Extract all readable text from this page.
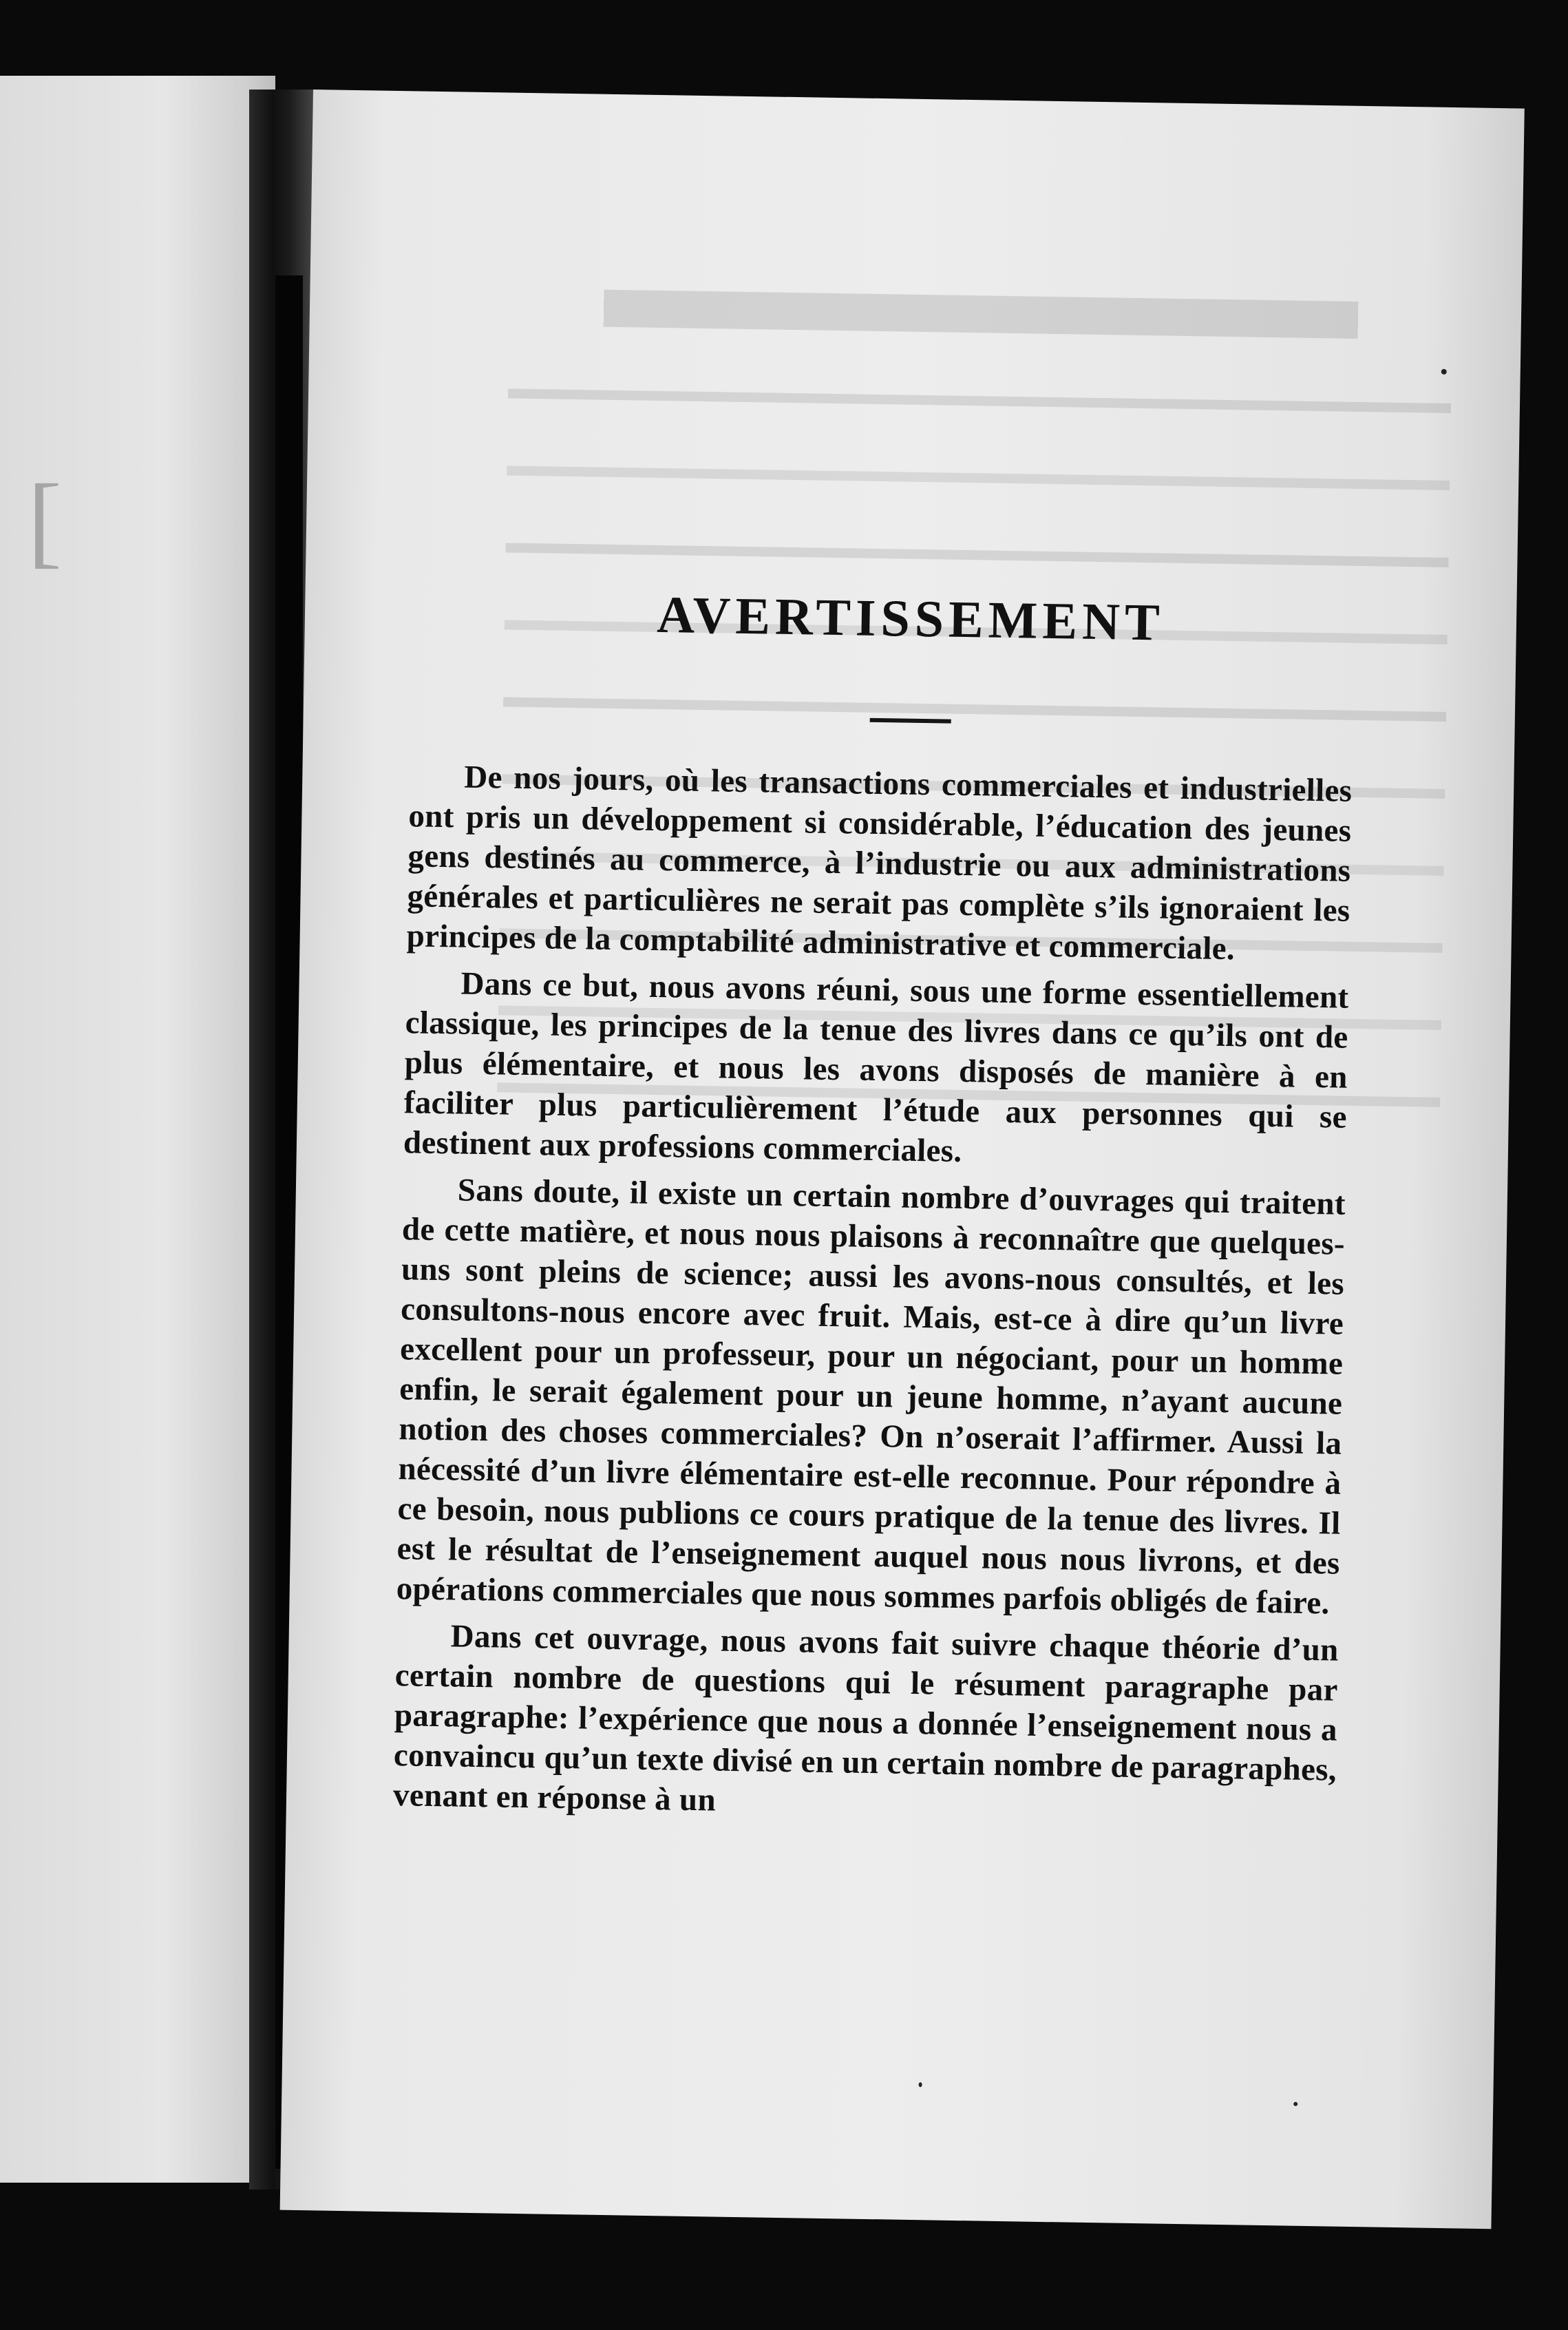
[

AVERTISSEMENT

De nos jours, où les transactions commerciales et industrielles ont pris un développement si considérable, l’éducation des jeunes gens destinés au commerce, à l’industrie ou aux administrations générales et particulières ne serait pas complète s’ils ignoraient les principes de la comptabilité administrative et commerciale.

Dans ce but, nous avons réuni, sous une forme essentiellement classique, les principes de la tenue des livres dans ce qu’ils ont de plus élémentaire, et nous les avons disposés de manière à en faciliter plus particulièrement l’étude aux personnes qui se destinent aux professions commerciales.

Sans doute, il existe un certain nombre d’ouvrages qui traitent de cette matière, et nous nous plaisons à reconnaître que quelques-uns sont pleins de science; aussi les avons-nous consultés, et les consultons-nous encore avec fruit. Mais, est-ce à dire qu’un livre excellent pour un professeur, pour un négociant, pour un homme enfin, le serait également pour un jeune homme, n’ayant aucune notion des choses commerciales? On n’oserait l’affirmer. Aussi la nécessité d’un livre élémentaire est-elle reconnue. Pour répondre à ce besoin, nous publions ce cours pratique de la tenue des livres. Il est le résultat de l’enseignement auquel nous nous livrons, et des opérations commerciales que nous sommes parfois obligés de faire.

Dans cet ouvrage, nous avons fait suivre chaque théorie d’un certain nombre de questions qui le résument paragraphe par paragraphe: l’expérience que nous a donnée l’enseignement nous a convaincu qu’un texte divisé en un certain nombre de paragraphes, venant en réponse à un
